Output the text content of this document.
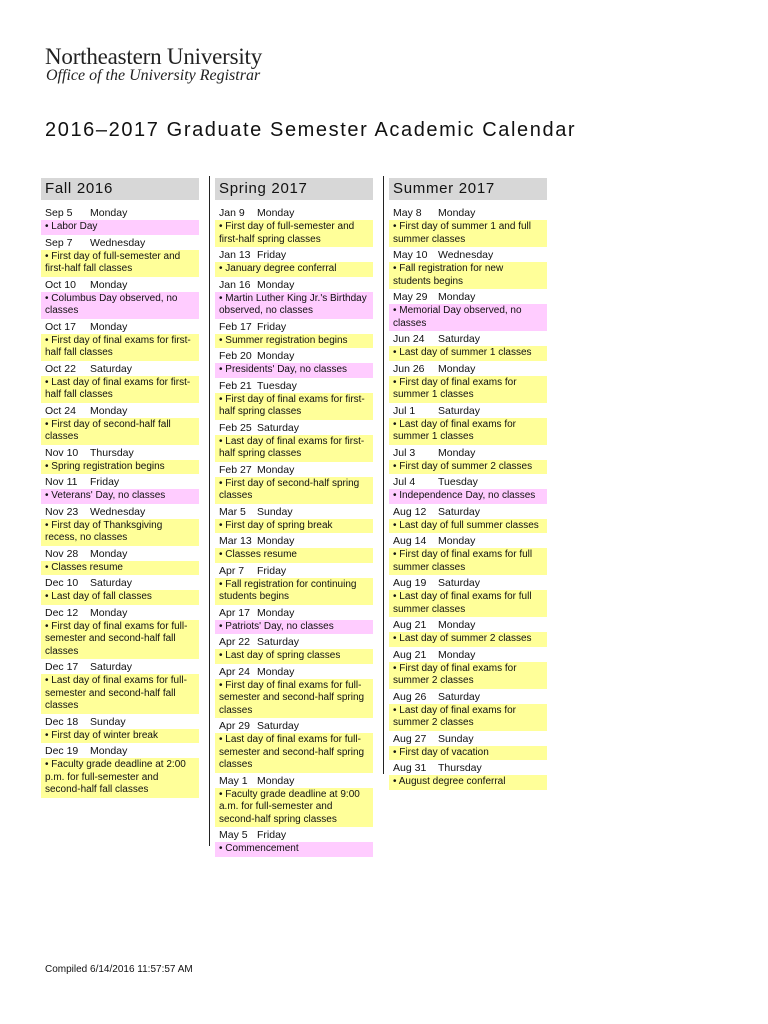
Northeastern University
Office of the University Registrar
2016–2017 Graduate Semester Academic Calendar
Fall 2016
Sep 5 Monday
• Labor Day
Sep 7 Wednesday
• First day of full-semester and first-half fall classes
Oct 10 Monday
• Columbus Day observed, no classes
Oct 17 Monday
• First day of final exams for first-half fall classes
Oct 22 Saturday
• Last day of final exams for first-half fall classes
Oct 24 Monday
• First day of second-half fall classes
Nov 10 Thursday
• Spring registration begins
Nov 11 Friday
• Veterans' Day, no classes
Nov 23 Wednesday
• First day of Thanksgiving recess, no classes
Nov 28 Monday
• Classes resume
Dec 10 Saturday
• Last day of fall classes
Dec 12 Monday
• First day of final exams for full-semester and second-half fall classes
Dec 17 Saturday
• Last day of final exams for full-semester and second-half fall classes
Dec 18 Sunday
• First day of winter break
Dec 19 Monday
• Faculty grade deadline at 2:00 p.m. for full-semester and second-half fall classes
Spring 2017
Jan 9 Monday
• First day of full-semester and first-half spring classes
Jan 13 Friday
• January degree conferral
Jan 16 Monday
• Martin Luther King Jr.'s Birthday observed, no classes
Feb 17 Friday
• Summer registration begins
Feb 20 Monday
• Presidents' Day, no classes
Feb 21 Tuesday
• First day of final exams for first-half spring classes
Feb 25 Saturday
• Last day of final exams for first-half spring classes
Feb 27 Monday
• First day of second-half spring classes
Mar 5 Sunday
• First day of spring break
Mar 13 Monday
• Classes resume
Apr 7 Friday
• Fall registration for continuing students begins
Apr 17 Monday
• Patriots' Day, no classes
Apr 22 Saturday
• Last day of spring classes
Apr 24 Monday
• First day of final exams for full-semester and second-half spring classes
Apr 29 Saturday
• Last day of final exams for full-semester and second-half spring classes
May 1 Monday
• Faculty grade deadline at 9:00 a.m. for full-semester and second-half spring classes
May 5 Friday
• Commencement
Summer 2017
May 8 Monday
• First day of summer 1 and full summer classes
May 10 Wednesday
• Fall registration for new students begins
May 29 Monday
• Memorial Day observed, no classes
Jun 24 Saturday
• Last day of summer 1 classes
Jun 26 Monday
• First day of final exams for summer 1 classes
Jul 1 Saturday
• Last day of final exams for summer 1 classes
Jul 3 Monday
• First day of summer 2 classes
Jul 4 Tuesday
• Independence Day, no classes
Aug 12 Saturday
• Last day of full summer classes
Aug 14 Monday
• First day of final exams for full summer classes
Aug 19 Saturday
• Last day of final exams for full summer classes
Aug 21 Monday
• Last day of summer 2 classes
Aug 21 Monday
• First day of final exams for summer 2 classes
Aug 26 Saturday
• Last day of final exams for summer 2 classes
Aug 27 Sunday
• First day of vacation
Aug 31 Thursday
• August degree conferral
Compiled 6/14/2016 11:57:57 AM
